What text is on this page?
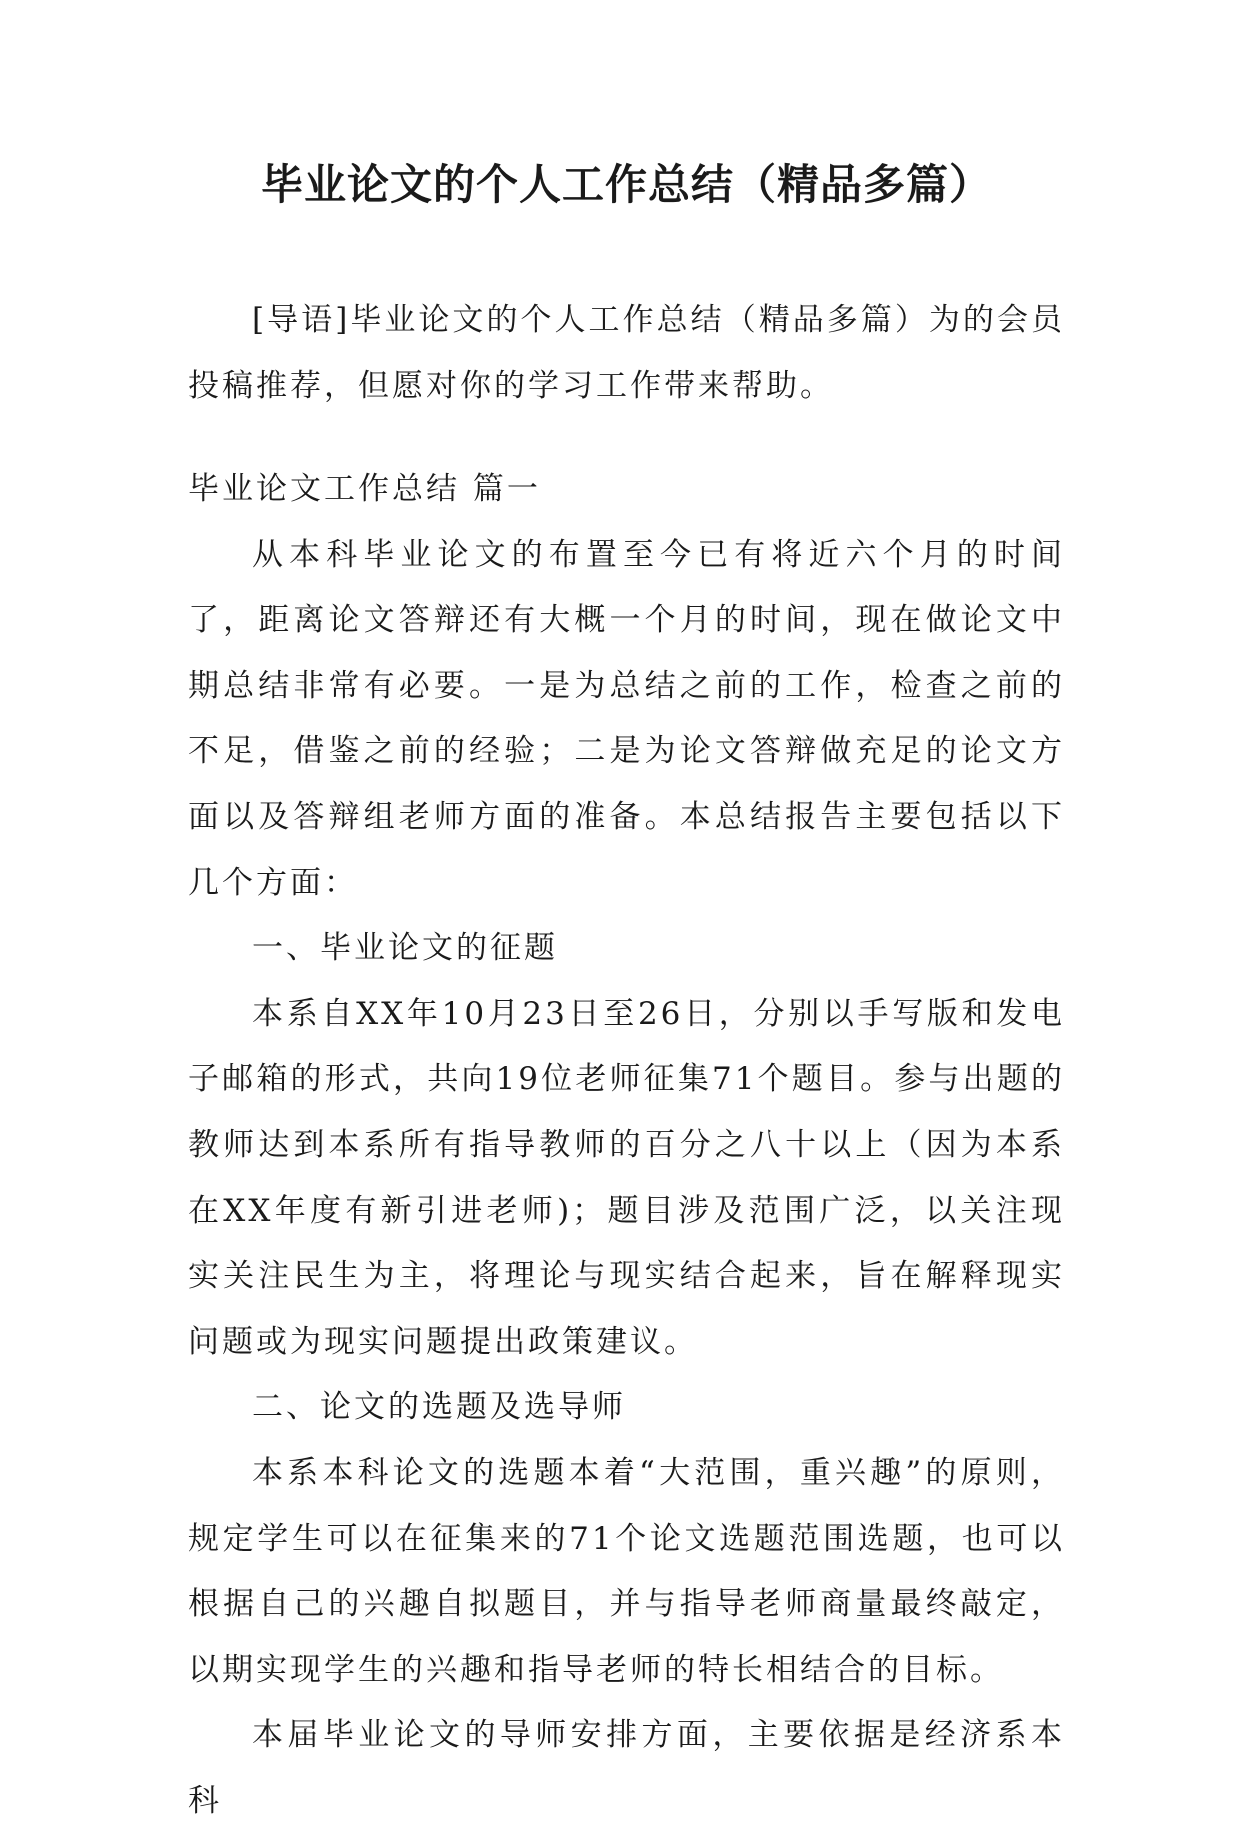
毕业论文的个人工作总结（精品多篇）

[导语]毕业论文的个人工作总结（精品多篇）为的会员投稿推荐，但愿对你的学习工作带来帮助。

毕业论文工作总结 篇一

从本科毕业论文的布置至今已有将近六个月的时间了，距离论文答辩还有大概一个月的时间，现在做论文中期总结非常有必要。一是为总结之前的工作，检查之前的不足，借鉴之前的经验；二是为论文答辩做充足的论文方面以及答辩组老师方面的准备。本总结报告主要包括以下几个方面：

一、毕业论文的征题

本系自XX年10月23日至26日，分别以手写版和发电子邮箱的形式，共向19位老师征集71个题目。参与出题的教师达到本系所有指导教师的百分之八十以上（因为本系在XX年度有新引进老师)；题目涉及范围广泛，以关注现实关注民生为主，将理论与现实结合起来，旨在解释现实问题或为现实问题提出政策建议。

二、论文的选题及选导师

本系本科论文的选题本着“大范围，重兴趣”的原则，规定学生可以在征集来的71个论文选题范围选题，也可以根据自己的兴趣自拟题目，并与指导老师商量最终敲定，以期实现学生的兴趣和指导老师的特长相结合的目标。

本届毕业论文的导师安排方面，主要依据是经济系本科
